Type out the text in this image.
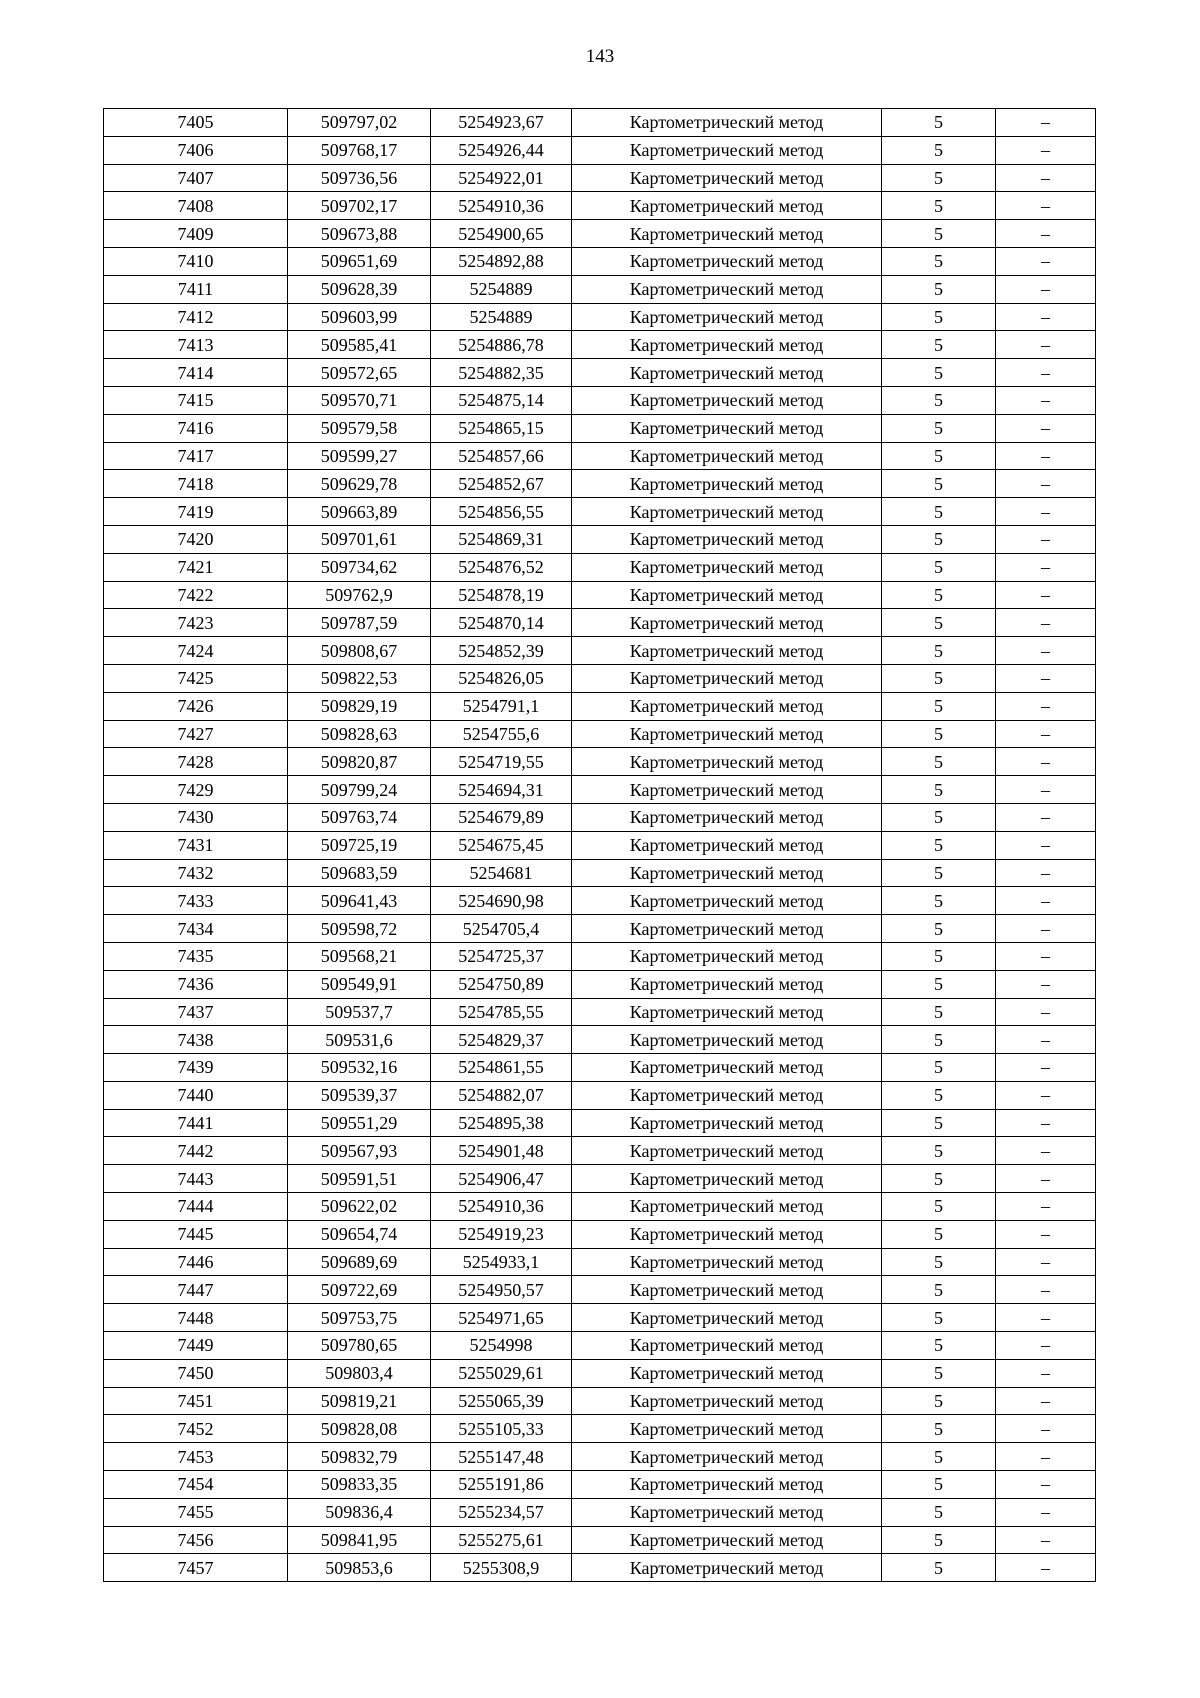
143
7405	509797,02	5254923,67	Картометрический метод	5	–
7406	509768,17	5254926,44	Картометрический метод	5	–
7407	509736,56	5254922,01	Картометрический метод	5	–
7408	509702,17	5254910,36	Картометрический метод	5	–
7409	509673,88	5254900,65	Картометрический метод	5	–
7410	509651,69	5254892,88	Картометрический метод	5	–
7411	509628,39	5254889	Картометрический метод	5	–
7412	509603,99	5254889	Картометрический метод	5	–
7413	509585,41	5254886,78	Картометрический метод	5	–
7414	509572,65	5254882,35	Картометрический метод	5	–
7415	509570,71	5254875,14	Картометрический метод	5	–
7416	509579,58	5254865,15	Картометрический метод	5	–
7417	509599,27	5254857,66	Картометрический метод	5	–
7418	509629,78	5254852,67	Картометрический метод	5	–
7419	509663,89	5254856,55	Картометрический метод	5	–
7420	509701,61	5254869,31	Картометрический метод	5	–
7421	509734,62	5254876,52	Картометрический метод	5	–
7422	509762,9	5254878,19	Картометрический метод	5	–
7423	509787,59	5254870,14	Картометрический метод	5	–
7424	509808,67	5254852,39	Картометрический метод	5	–
7425	509822,53	5254826,05	Картометрический метод	5	–
7426	509829,19	5254791,1	Картометрический метод	5	–
7427	509828,63	5254755,6	Картометрический метод	5	–
7428	509820,87	5254719,55	Картометрический метод	5	–
7429	509799,24	5254694,31	Картометрический метод	5	–
7430	509763,74	5254679,89	Картометрический метод	5	–
7431	509725,19	5254675,45	Картометрический метод	5	–
7432	509683,59	5254681	Картометрический метод	5	–
7433	509641,43	5254690,98	Картометрический метод	5	–
7434	509598,72	5254705,4	Картометрический метод	5	–
7435	509568,21	5254725,37	Картометрический метод	5	–
7436	509549,91	5254750,89	Картометрический метод	5	–
7437	509537,7	5254785,55	Картометрический метод	5	–
7438	509531,6	5254829,37	Картометрический метод	5	–
7439	509532,16	5254861,55	Картометрический метод	5	–
7440	509539,37	5254882,07	Картометрический метод	5	–
7441	509551,29	5254895,38	Картометрический метод	5	–
7442	509567,93	5254901,48	Картометрический метод	5	–
7443	509591,51	5254906,47	Картометрический метод	5	–
7444	509622,02	5254910,36	Картометрический метод	5	–
7445	509654,74	5254919,23	Картометрический метод	5	–
7446	509689,69	5254933,1	Картометрический метод	5	–
7447	509722,69	5254950,57	Картометрический метод	5	–
7448	509753,75	5254971,65	Картометрический метод	5	–
7449	509780,65	5254998	Картометрический метод	5	–
7450	509803,4	5255029,61	Картометрический метод	5	–
7451	509819,21	5255065,39	Картометрический метод	5	–
7452	509828,08	5255105,33	Картометрический метод	5	–
7453	509832,79	5255147,48	Картометрический метод	5	–
7454	509833,35	5255191,86	Картометрический метод	5	–
7455	509836,4	5255234,57	Картометрический метод	5	–
7456	509841,95	5255275,61	Картометрический метод	5	–
7457	509853,6	5255308,9	Картометрический метод	5	–
